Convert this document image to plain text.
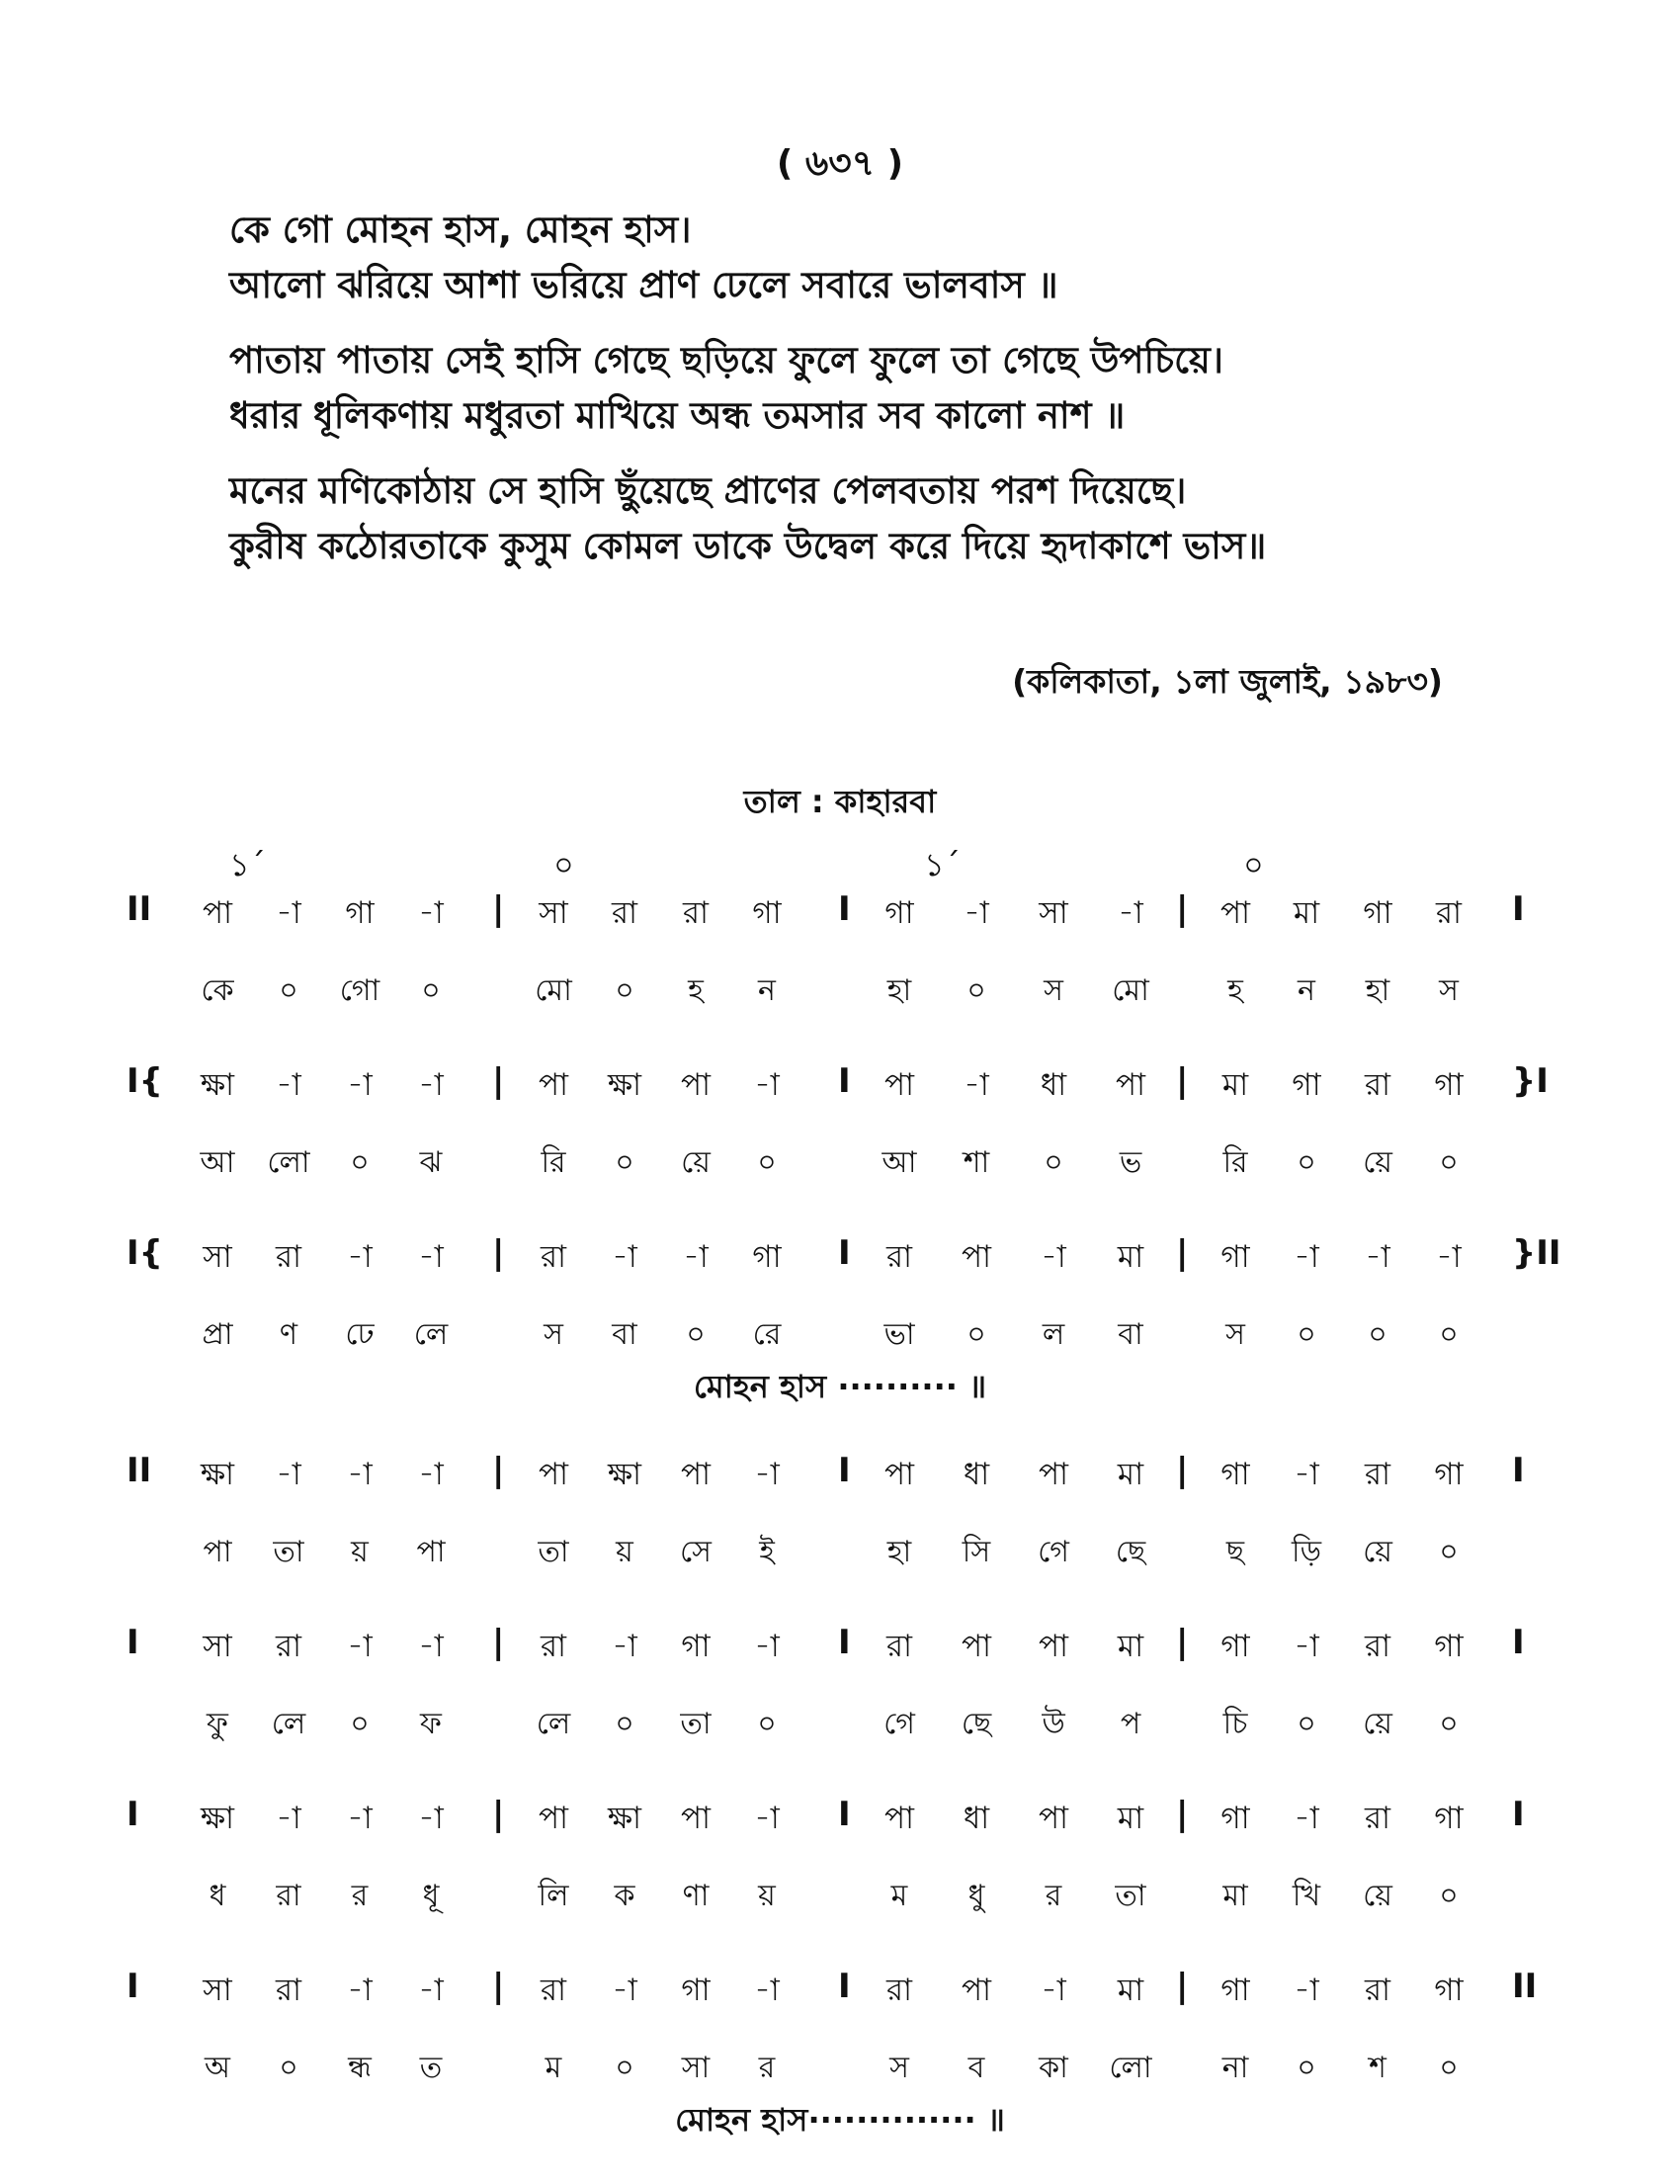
( ৬৩৭ )
কে গো মোহন হাস, মোহন হাস।
আলো ঝরিয়ে আশা ভরিয়ে প্রাণ ঢেলে সবারে ভালবাস ॥
পাতায় পাতায় সেই হাসি গেছে ছড়িয়ে ফুলে ফুলে তা গেছে উপচিয়ে।
ধরার ধূলিকণায় মধুরতা মাখিয়ে অন্ধ তমসার সব কালো নাশ ॥
মনের মণিকোঠায় সে হাসি ছুঁয়েছে প্রাণের পেলবতায় পরশ দিয়েছে।
কুরীষ কঠোরতাকে কুসুম কোমল ডাকে উদ্বেল করে দিয়ে হৃদাকাশে ভাস॥
(কলিকাতা, ১লা জুলাই, ১৯৮৩)
তাল : কাহারবা
১´	০	১´	০
II	|	I	|	I
পা	-া	গা	-া	সা	রা	রা	গা	গা	-া	সা	-া	পা	মা	গা	রা
কে	০	গো	০	মো	০	হ	ন	হা	০	স	মো	হ	ন	হা	স
I{	|	I	|	}I
ক্ষা	-া	-া	-া	পা	ক্ষা	পা	-া	পা	-া	ধা	পা	মা	গা	রা	গা
আ	লো	০	ঝ	রি	০	য়ে	০	আ	শা	০	ভ	রি	০	য়ে	০
I{	|	I	|	}II
সা	রা	-া	-া	রা	-া	-া	গা	রা	পা	-া	মা	গা	-া	-া	-া
প্রা	ণ	ঢে	লে	স	বা	০	রে	ভা	০	ল	বা	স	০	০	০
মোহন হাস ·········· ॥
II	|	I	|	I
ক্ষা	-া	-া	-া	পা	ক্ষা	পা	-া	পা	ধা	পা	মা	গা	-া	রা	গা
পা	তা	য়	পা	তা	য়	সে	ই	হা	সি	গে	ছে	ছ	ড়ি	য়ে	০
I	|	I	|	I
সা	রা	-া	-া	রা	-া	গা	-া	রা	পা	পা	মা	গা	-া	রা	গা
ফু	লে	০	ফ	লে	০	তা	০	গে	ছে	উ	প	চি	০	য়ে	০
I	|	I	|	I
ক্ষা	-া	-া	-া	পা	ক্ষা	পা	-া	পা	ধা	পা	মা	গা	-া	রা	গা
ধ	রা	র	ধূ	লি	ক	ণা	য়	ম	ধু	র	তা	মা	খি	য়ে	০
I	|	I	|	II
সা	রা	-া	-া	রা	-া	গা	-া	রা	পা	-া	মা	গা	-া	রা	গা
অ	০	ন্ধ	ত	ম	০	সা	র	স	ব	কা	লো	না	০	শ	০
মোহন হাস·············· ॥
